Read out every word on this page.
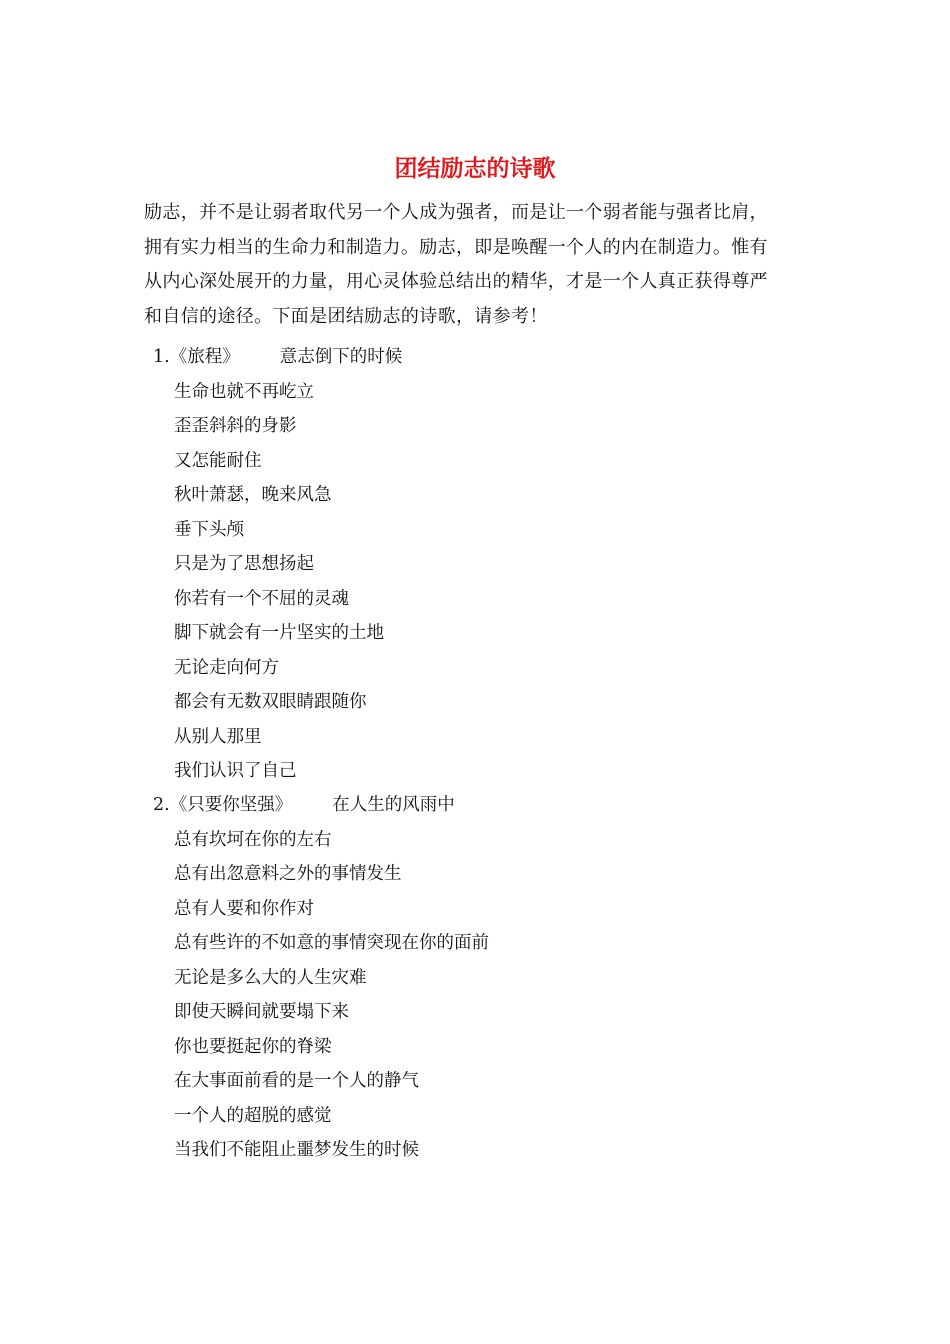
团结励志的诗歌

励志，并不是让弱者取代另一个人成为强者，而是让一个弱者能与强者比肩，

拥有实力相当的生命力和制造力。励志，即是唤醒一个人的内在制造力。惟有

从内心深处展开的力量，用心灵体验总结出的精华，才是一个人真正获得尊严

和自信的途径。下面是团结励志的诗歌，请参考！

1.《旅程》 意志倒下的时候
生命也就不再屹立
歪歪斜斜的身影
又怎能耐住
秋叶萧瑟，晚来风急
垂下头颅
只是为了思想扬起
你若有一个不屈的灵魂
脚下就会有一片坚实的土地
无论走向何方
都会有无数双眼睛跟随你
从别人那里
我们认识了自己
2.《只要你坚强》 在人生的风雨中
总有坎坷在你的左右
总有出忽意料之外的事情发生
总有人要和你作对
总有些许的不如意的事情突现在你的面前
无论是多么大的人生灾难
即使天瞬间就要塌下来
你也要挺起你的脊梁
在大事面前看的是一个人的静气
一个人的超脱的感觉
当我们不能阻止噩梦发生的时候
